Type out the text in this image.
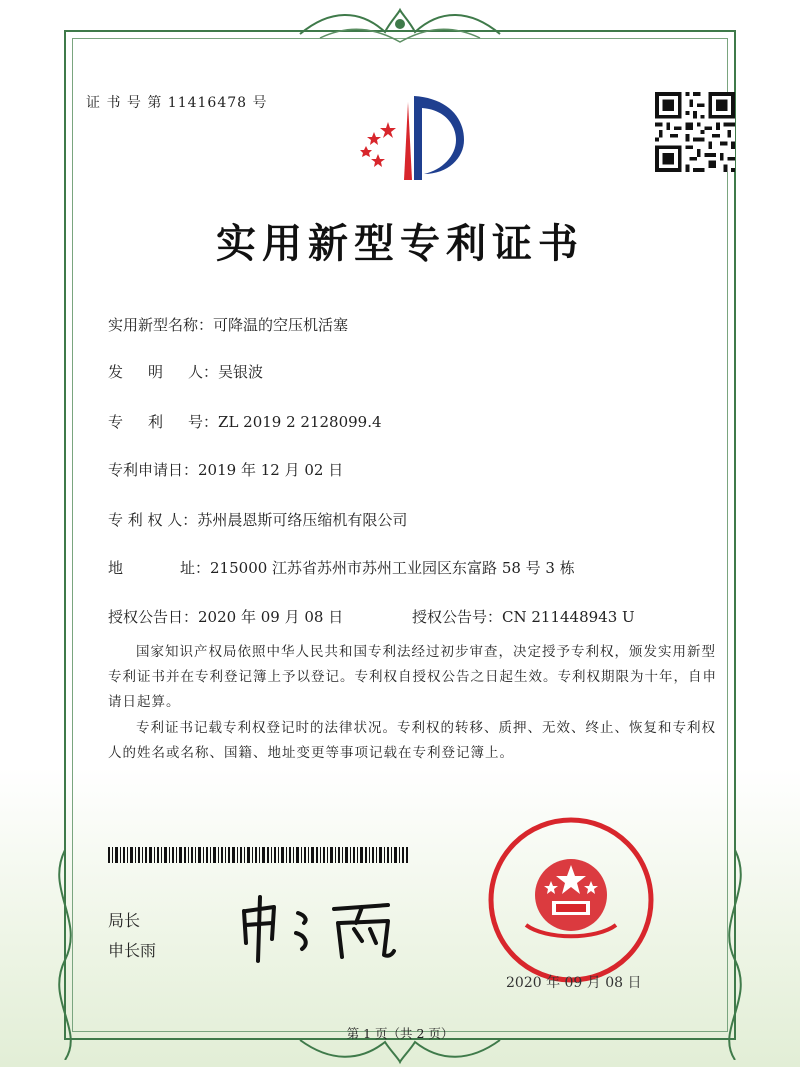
证 书 号 第 11416478 号
实用新型专利证书
实用新型名称：可降温的空压机活塞
发 明 人：吴银波
专 利 号：ZL 2019 2 2128099.4
专利申请日：2019 年 12 月 02 日
专 利 权 人：苏州晨恩斯可络压缩机有限公司
地	址：215000 江苏省苏州市苏州工业园区东富路 58 号 3 栋
授权公告日：2020 年 09 月 08 日	授权公告号：CN 211448943 U
国家知识产权局依照中华人民共和国专利法经过初步审查，决定授予专利权，颁发实用新型专利证书并在专利登记簿上予以登记。专利权自授权公告之日起生效。专利权期限为十年，自申请日起算。
专利证书记载专利权登记时的法律状况。专利权的转移、质押、无效、终止、恢复和专利权人的姓名或名称、国籍、地址变更等事项记载在专利登记簿上。
局长
申长雨
2020 年 09 月 08 日
第 1 页（共 2 页）
